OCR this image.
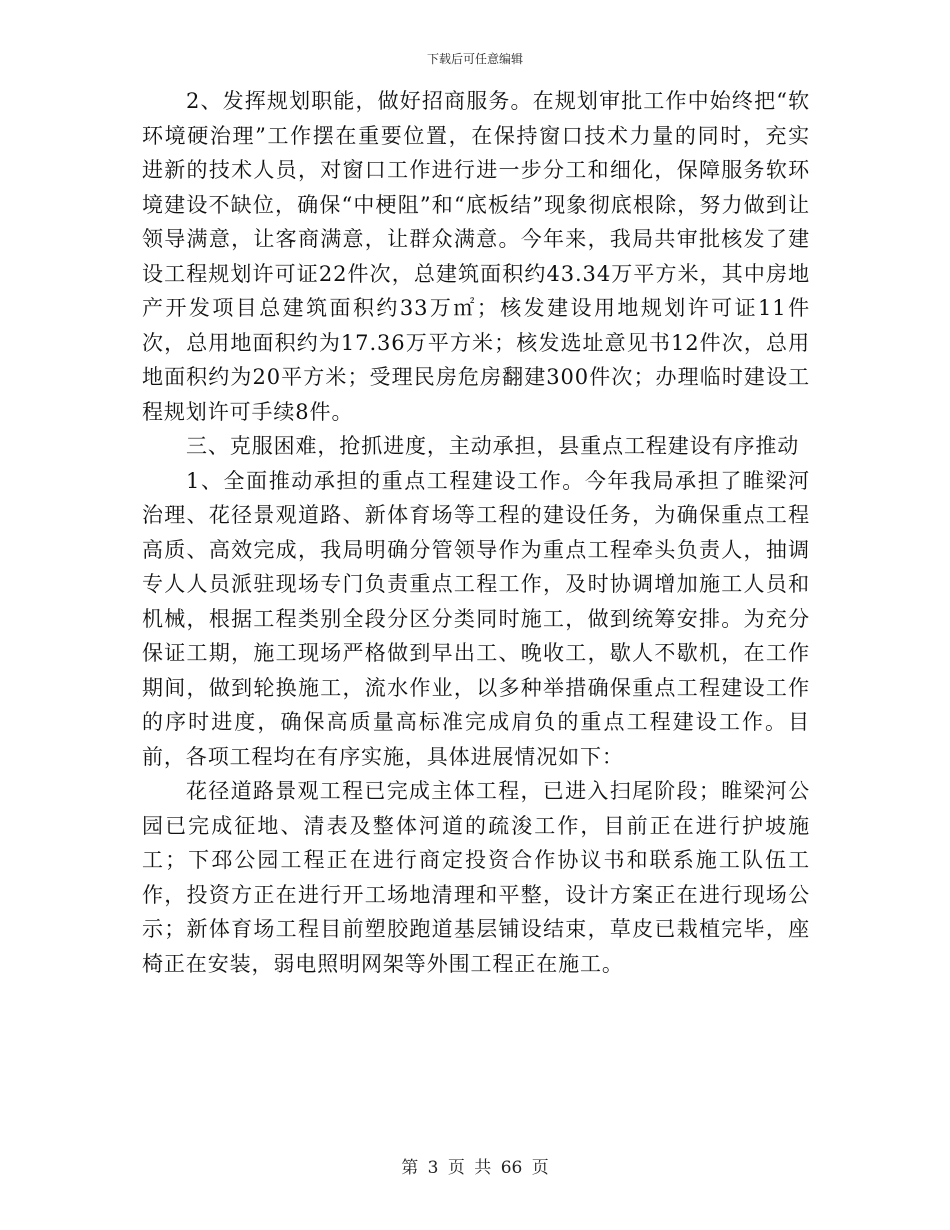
下载后可任意编辑

2、发挥规划职能，做好招商服务。在规划审批工作中始终把“软环境硬治理”工作摆在重要位置，在保持窗口技术力量的同时，充实进新的技术人员，对窗口工作进行进一步分工和细化，保障服务软环境建设不缺位，确保“中梗阻”和“底板结”现象彻底根除，努力做到让领导满意，让客商满意，让群众满意。今年来，我局共审批核发了建设工程规划许可证22件次，总建筑面积约43.34万平方米，其中房地产开发项目总建筑面积约33万㎡；核发建设用地规划许可证11件次，总用地面积约为17.36万平方米；核发选址意见书12件次，总用地面积约为20平方米；受理民房危房翻建300件次；办理临时建设工程规划许可手续8件。

三、克服困难，抢抓进度，主动承担，县重点工程建设有序推动

1、全面推动承担的重点工程建设工作。今年我局承担了睢梁河治理、花径景观道路、新体育场等工程的建设任务，为确保重点工程高质、高效完成，我局明确分管领导作为重点工程牵头负责人，抽调专人人员派驻现场专门负责重点工程工作，及时协调增加施工人员和机械，根据工程类别全段分区分类同时施工，做到统筹安排。为充分保证工期，施工现场严格做到早出工、晚收工，歇人不歇机，在工作期间，做到轮换施工，流水作业，以多种举措确保重点工程建设工作的序时进度，确保高质量高标准完成肩负的重点工程建设工作。目前，各项工程均在有序实施，具体进展情况如下：

花径道路景观工程已完成主体工程，已进入扫尾阶段；睢梁河公园已完成征地、清表及整体河道的疏浚工作，目前正在进行护坡施工；下邳公园工程正在进行商定投资合作协议书和联系施工队伍工作，投资方正在进行开工场地清理和平整，设计方案正在进行现场公示；新体育场工程目前塑胶跑道基层铺设结束，草皮已栽植完毕，座椅正在安装，弱电照明网架等外围工程正在施工。

第 3 页 共 66 页
